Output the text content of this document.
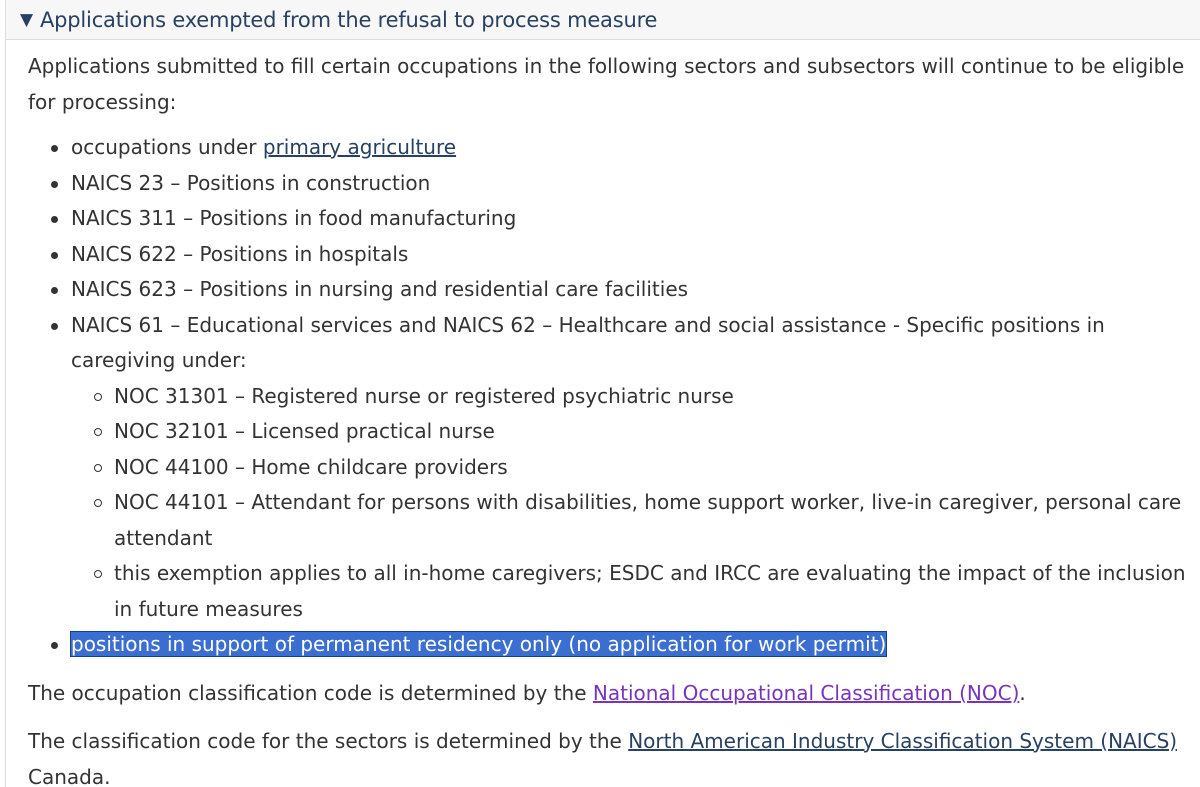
▼ Applications exempted from the refusal to process measure

Applications submitted to fill certain occupations in the following sectors and subsectors will continue to be eligible for processing:

occupations under primary agriculture
NAICS 23 – Positions in construction
NAICS 311 – Positions in food manufacturing
NAICS 622 – Positions in hospitals
NAICS 623 – Positions in nursing and residential care facilities
NAICS 61 – Educational services and NAICS 62 – Healthcare and social assistance - Specific positions in caregiving under:
NOC 31301 – Registered nurse or registered psychiatric nurse
NOC 32101 – Licensed practical nurse
NOC 44100 – Home childcare providers
NOC 44101 – Attendant for persons with disabilities, home support worker, live-in caregiver, personal care attendant
this exemption applies to all in-home caregivers; ESDC and IRCC are evaluating the impact of the inclusion in future measures
positions in support of permanent residency only (no application for work permit)

The occupation classification code is determined by the National Occupational Classification (NOC).

The classification code for the sectors is determined by the North American Industry Classification System (NAICS) Canada.
